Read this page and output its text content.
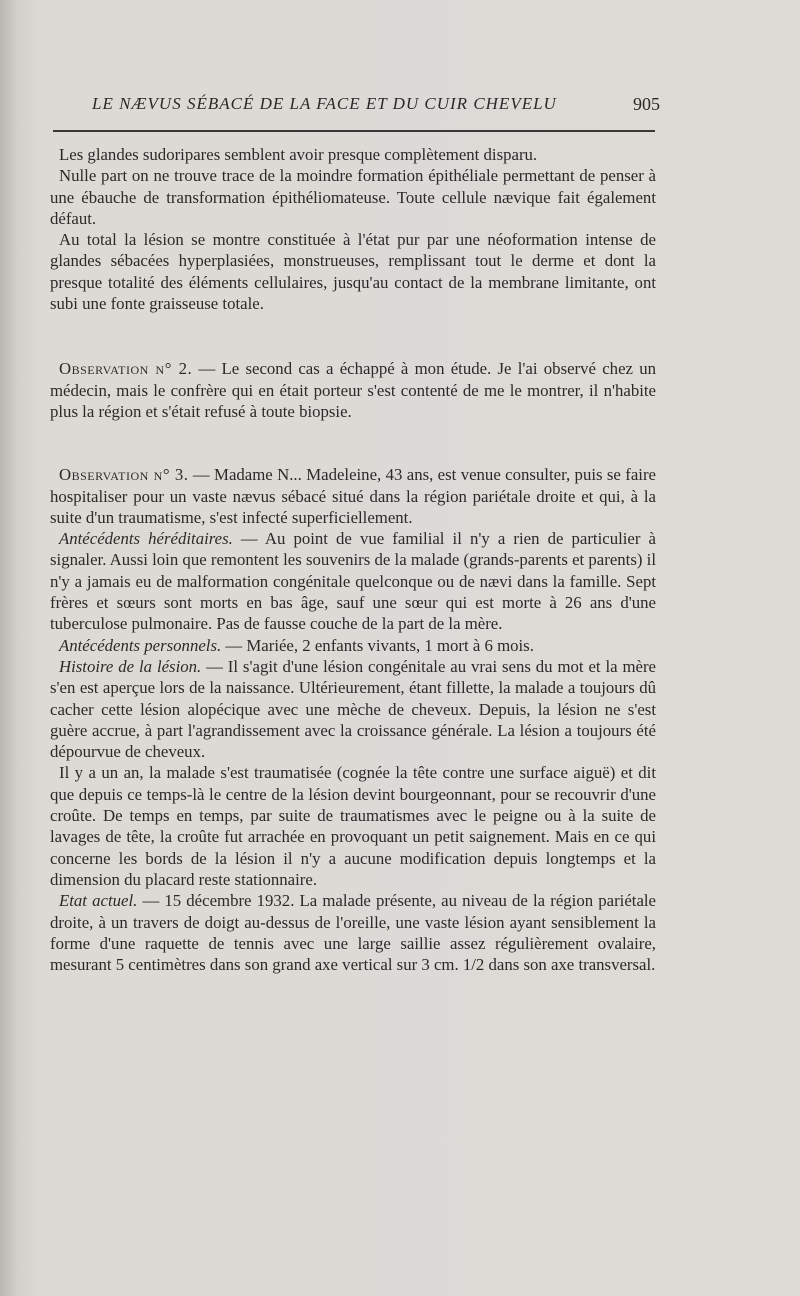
LE NÆVUS SÉBACÉ DE LA FACE ET DU CUIR CHEVELU	905

Les glandes sudoripares semblent avoir presque complètement disparu.

Nulle part on ne trouve trace de la moindre formation épithéliale permettant de penser à une ébauche de transformation épithéliomateuse. Toute cellule nævique fait également défaut.

Au total la lésion se montre constituée à l'état pur par une néoformation intense de glandes sébacées hyperplasiées, monstrueuses, remplissant tout le derme et dont la presque totalité des éléments cellulaires, jusqu'au contact de la membrane limitante, ont subi une fonte graisseuse totale.

Observation n° 2. — Le second cas a échappé à mon étude. Je l'ai observé chez un médecin, mais le confrère qui en était porteur s'est contenté de me le montrer, il n'habite plus la région et s'était refusé à toute biopsie.

Observation n° 3. — Madame N... Madeleine, 43 ans, est venue consulter, puis se faire hospitaliser pour un vaste nævus sébacé situé dans la région pariétale droite et qui, à la suite d'un traumatisme, s'est infecté superficiellement.

Antécédents héréditaires. — Au point de vue familial il n'y a rien de particulier à signaler. Aussi loin que remontent les souvenirs de la malade (grands-parents et parents) il n'y a jamais eu de malformation congénitale quelconque ou de nævi dans la famille. Sept frères et sœurs sont morts en bas âge, sauf une sœur qui est morte à 26 ans d'une tuberculose pulmonaire. Pas de fausse couche de la part de la mère.

Antécédents personnels. — Mariée, 2 enfants vivants, 1 mort à 6 mois.

Histoire de la lésion. — Il s'agit d'une lésion congénitale au vrai sens du mot et la mère s'en est aperçue lors de la naissance. Ultérieurement, étant fillette, la malade a toujours dû cacher cette lésion alopécique avec une mèche de cheveux. Depuis, la lésion ne s'est guère accrue, à part l'agrandissement avec la croissance générale. La lésion a toujours été dépourvue de cheveux.

Il y a un an, la malade s'est traumatisée (cognée la tête contre une surface aiguë) et dit que depuis ce temps-là le centre de la lésion devint bourgeonnant, pour se recouvrir d'une croûte. De temps en temps, par suite de traumatismes avec le peigne ou à la suite de lavages de tête, la croûte fut arrachée en provoquant un petit saignement. Mais en ce qui concerne les bords de la lésion il n'y a aucune modification depuis longtemps et la dimension du placard reste stationnaire.

Etat actuel. — 15 décembre 1932. La malade présente, au niveau de la région pariétale droite, à un travers de doigt au-dessus de l'oreille, une vaste lésion ayant sensiblement la forme d'une raquette de tennis avec une large saillie assez régulièrement ovalaire, mesurant 5 centimètres dans son grand axe vertical sur 3 cm. 1/2 dans son axe transversal.
